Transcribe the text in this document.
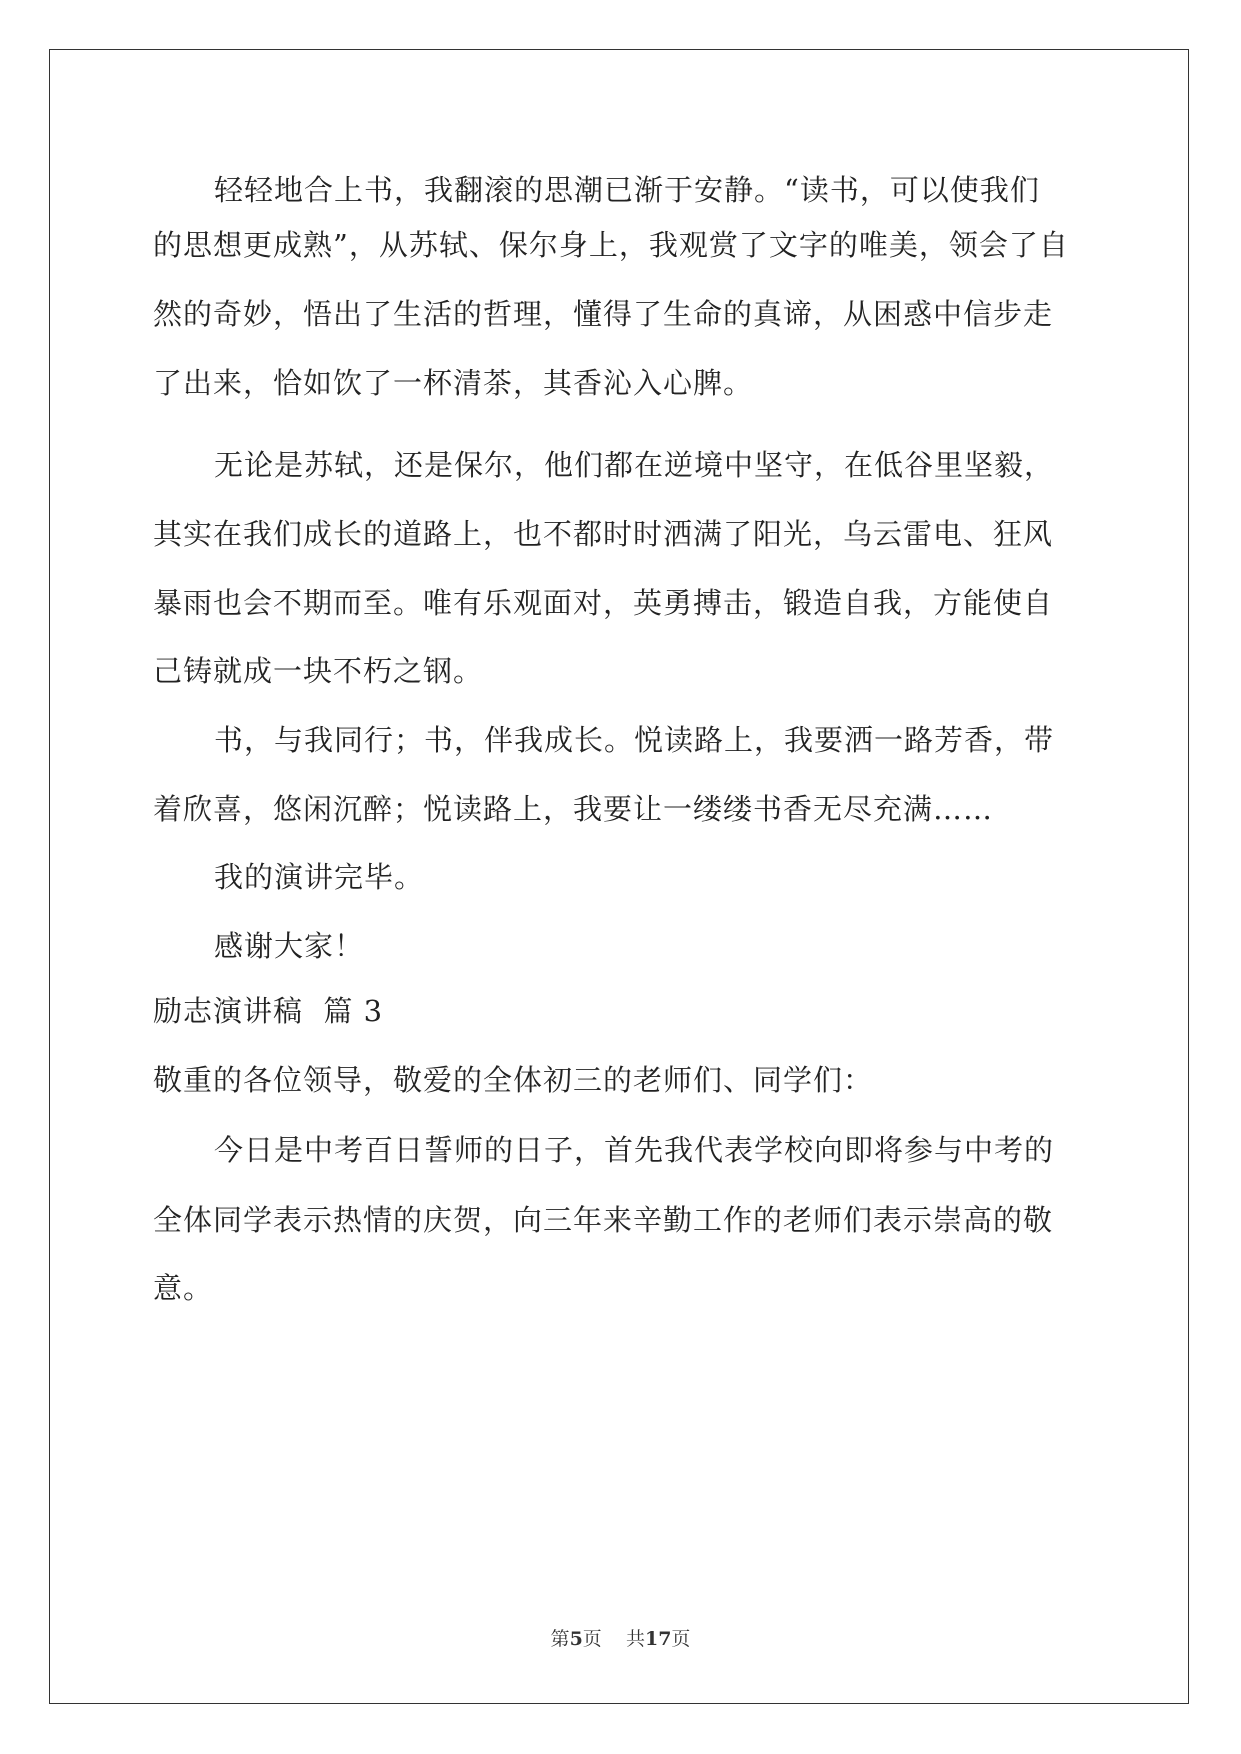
轻轻地合上书，我翻滚的思潮已渐于安静。“读书，可以使我们
的思想更成熟”，从苏轼、保尔身上，我观赏了文字的唯美，领会了自
然的奇妙，悟出了生活的哲理，懂得了生命的真谛，从困惑中信步走
了出来，恰如饮了一杯清茶，其香沁入心脾。
无论是苏轼，还是保尔，他们都在逆境中坚守，在低谷里坚毅，
其实在我们成长的道路上，也不都时时洒满了阳光，乌云雷电、狂风
暴雨也会不期而至。唯有乐观面对，英勇搏击，锻造自我，方能使自
己铸就成一块不朽之钢。
书，与我同行；书，伴我成长。悦读路上，我要洒一路芳香，带
着欣喜，悠闲沉醉；悦读路上，我要让一缕缕书香无尽充满……
我的演讲完毕。
感谢大家！
励志演讲稿  篇 3
敬重的各位领导，敬爱的全体初三的老师们、同学们：
今日是中考百日誓师的日子，首先我代表学校向即将参与中考的
全体同学表示热情的庆贺，向三年来辛勤工作的老师们表示崇高的敬
意。
第5页    共17页
